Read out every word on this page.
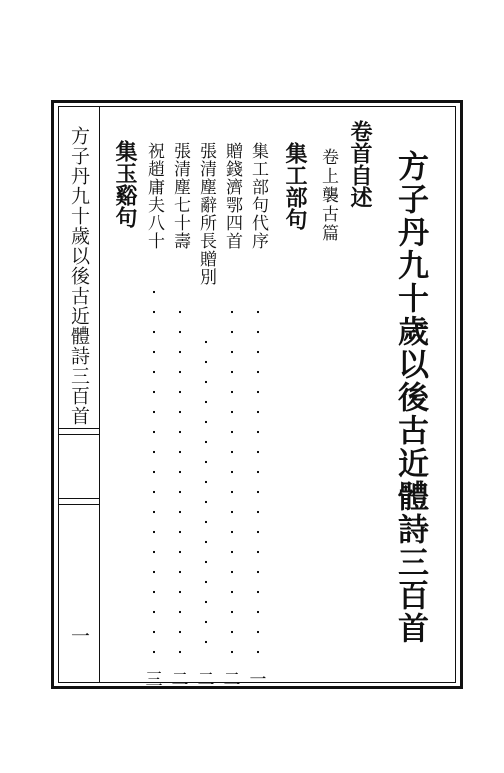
方子丹九十歲以後古近體詩三百首
一	方子丹九十歲以後古近體詩三百首
卷首自述
卷上襲古篇
集工部句
集工部句代序
一
贈錢濟鄂四首
二
張清塵辭所長贈別
二
張清塵七十壽
二
祝趙庸夫八十
三
集玉谿句
